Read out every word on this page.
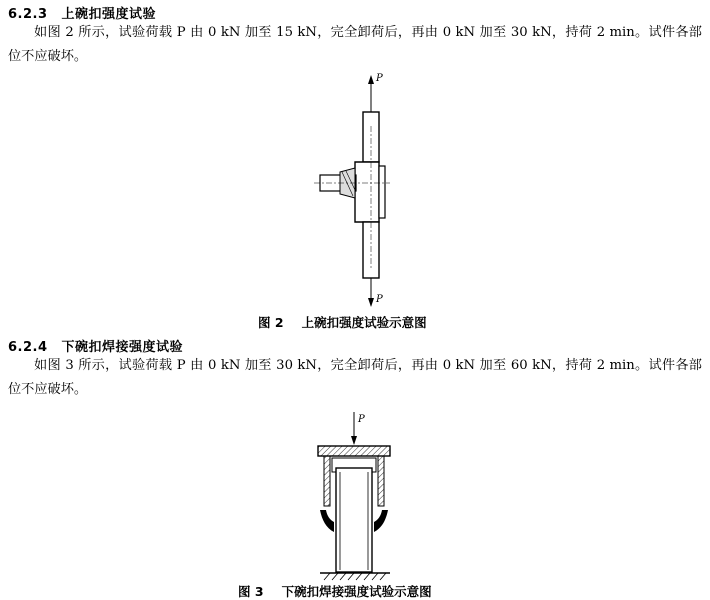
6.2.3 上碗扣强度试验
如图 2 所示，试验荷载 P 由 0 kN 加至 15 kN，完全卸荷后，再由 0 kN 加至 30 kN，持荷 2 min。试件各部位不应破坏。
P
P
图 2 上碗扣强度试验示意图
6.2.4 下碗扣焊接强度试验
如图 3 所示，试验荷载 P 由 0 kN 加至 30 kN，完全卸荷后，再由 0 kN 加至 60 kN，持荷 2 min。试件各部位不应破坏。
P
图 3 下碗扣焊接强度试验示意图
